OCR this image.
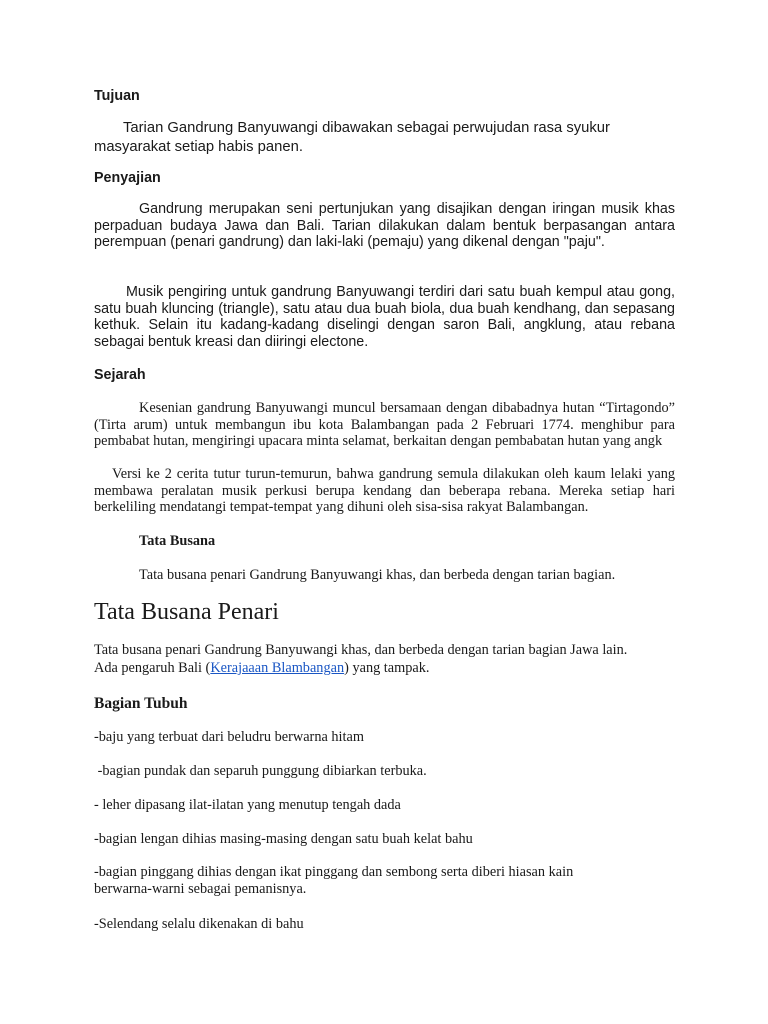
Tujuan

Tarian Gandrung Banyuwangi dibawakan sebagai perwujudan rasa syukur

masyarakat setiap habis panen.

Penyajian

Gandrung merupakan seni pertunjukan yang disajikan dengan iringan musik khas perpaduan budaya Jawa dan Bali. Tarian dilakukan dalam bentuk berpasangan antara perempuan (penari gandrung) dan laki-laki (pemaju) yang dikenal dengan "paju".

Musik pengiring untuk gandrung Banyuwangi terdiri dari satu buah kempul atau gong, satu buah kluncing (triangle), satu atau dua buah biola, dua buah kendhang, dan sepasang kethuk. Selain itu kadang-kadang diselingi dengan saron Bali, angklung, atau rebana sebagai bentuk kreasi dan diiringi electone.

Sejarah

Kesenian gandrung Banyuwangi muncul bersamaan dengan dibabadnya hutan “Tirtagondo” (Tirta arum) untuk membangun ibu kota Balambangan pada 2 Februari 1774. menghibur para pembabat hutan, mengiringi upacara minta selamat, berkaitan dengan pembabatan hutan yang angk

Versi ke 2 cerita tutur turun-temurun, bahwa gandrung semula dilakukan oleh kaum lelaki yang membawa peralatan musik perkusi berupa kendang dan beberapa rebana. Mereka setiap hari berkeliling mendatangi tempat-tempat yang dihuni oleh sisa-sisa rakyat Balambangan.

Tata Busana

Tata busana penari Gandrung Banyuwangi khas, dan berbeda dengan tarian bagian.

Tata Busana Penari

Tata busana penari Gandrung Banyuwangi khas, dan berbeda dengan tarian bagian Jawa lain.

Ada pengaruh Bali (Kerajaaan Blambangan) yang tampak.

Bagian Tubuh

-baju yang terbuat dari beludru berwarna hitam

-bagian pundak dan separuh punggung dibiarkan terbuka.

- leher dipasang ilat-ilatan yang menutup tengah dada

-bagian lengan dihias masing-masing dengan satu buah kelat bahu

-bagian pinggang dihias dengan ikat pinggang dan sembong serta diberi hiasan kain

berwarna-warni sebagai pemanisnya.

-Selendang selalu dikenakan di bahu
